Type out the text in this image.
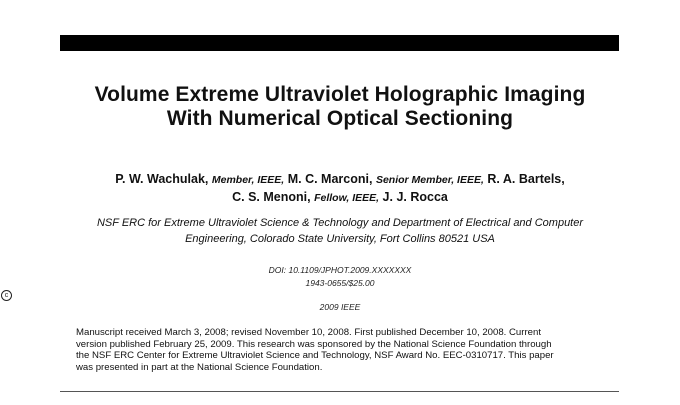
Volume Extreme Ultraviolet Holographic Imaging
With Numerical Optical Sectioning
P. W. Wachulak, Member, IEEE, M. C. Marconi, Senior Member, IEEE, R. A. Bartels,
C. S. Menoni, Fellow, IEEE, J. J. Rocca
NSF ERC for Extreme Ultraviolet Science & Technology and Department of Electrical and Computer
Engineering, Colorado State University, Fort Collins 80521 USA
DOI: 10.1109/JPHOT.2009.XXXXXXX
1943-0655/$25.00
c
2009 IEEE
Manuscript received March 3, 2008; revised November 10, 2008. First published December 10, 2008. Current
version published February 25, 2009. This research was sponsored by the National Science Foundation through
the NSF ERC Center for Extreme Ultraviolet Science and Technology, NSF Award No. EEC-0310717. This paper
was presented in part at the National Science Foundation.
